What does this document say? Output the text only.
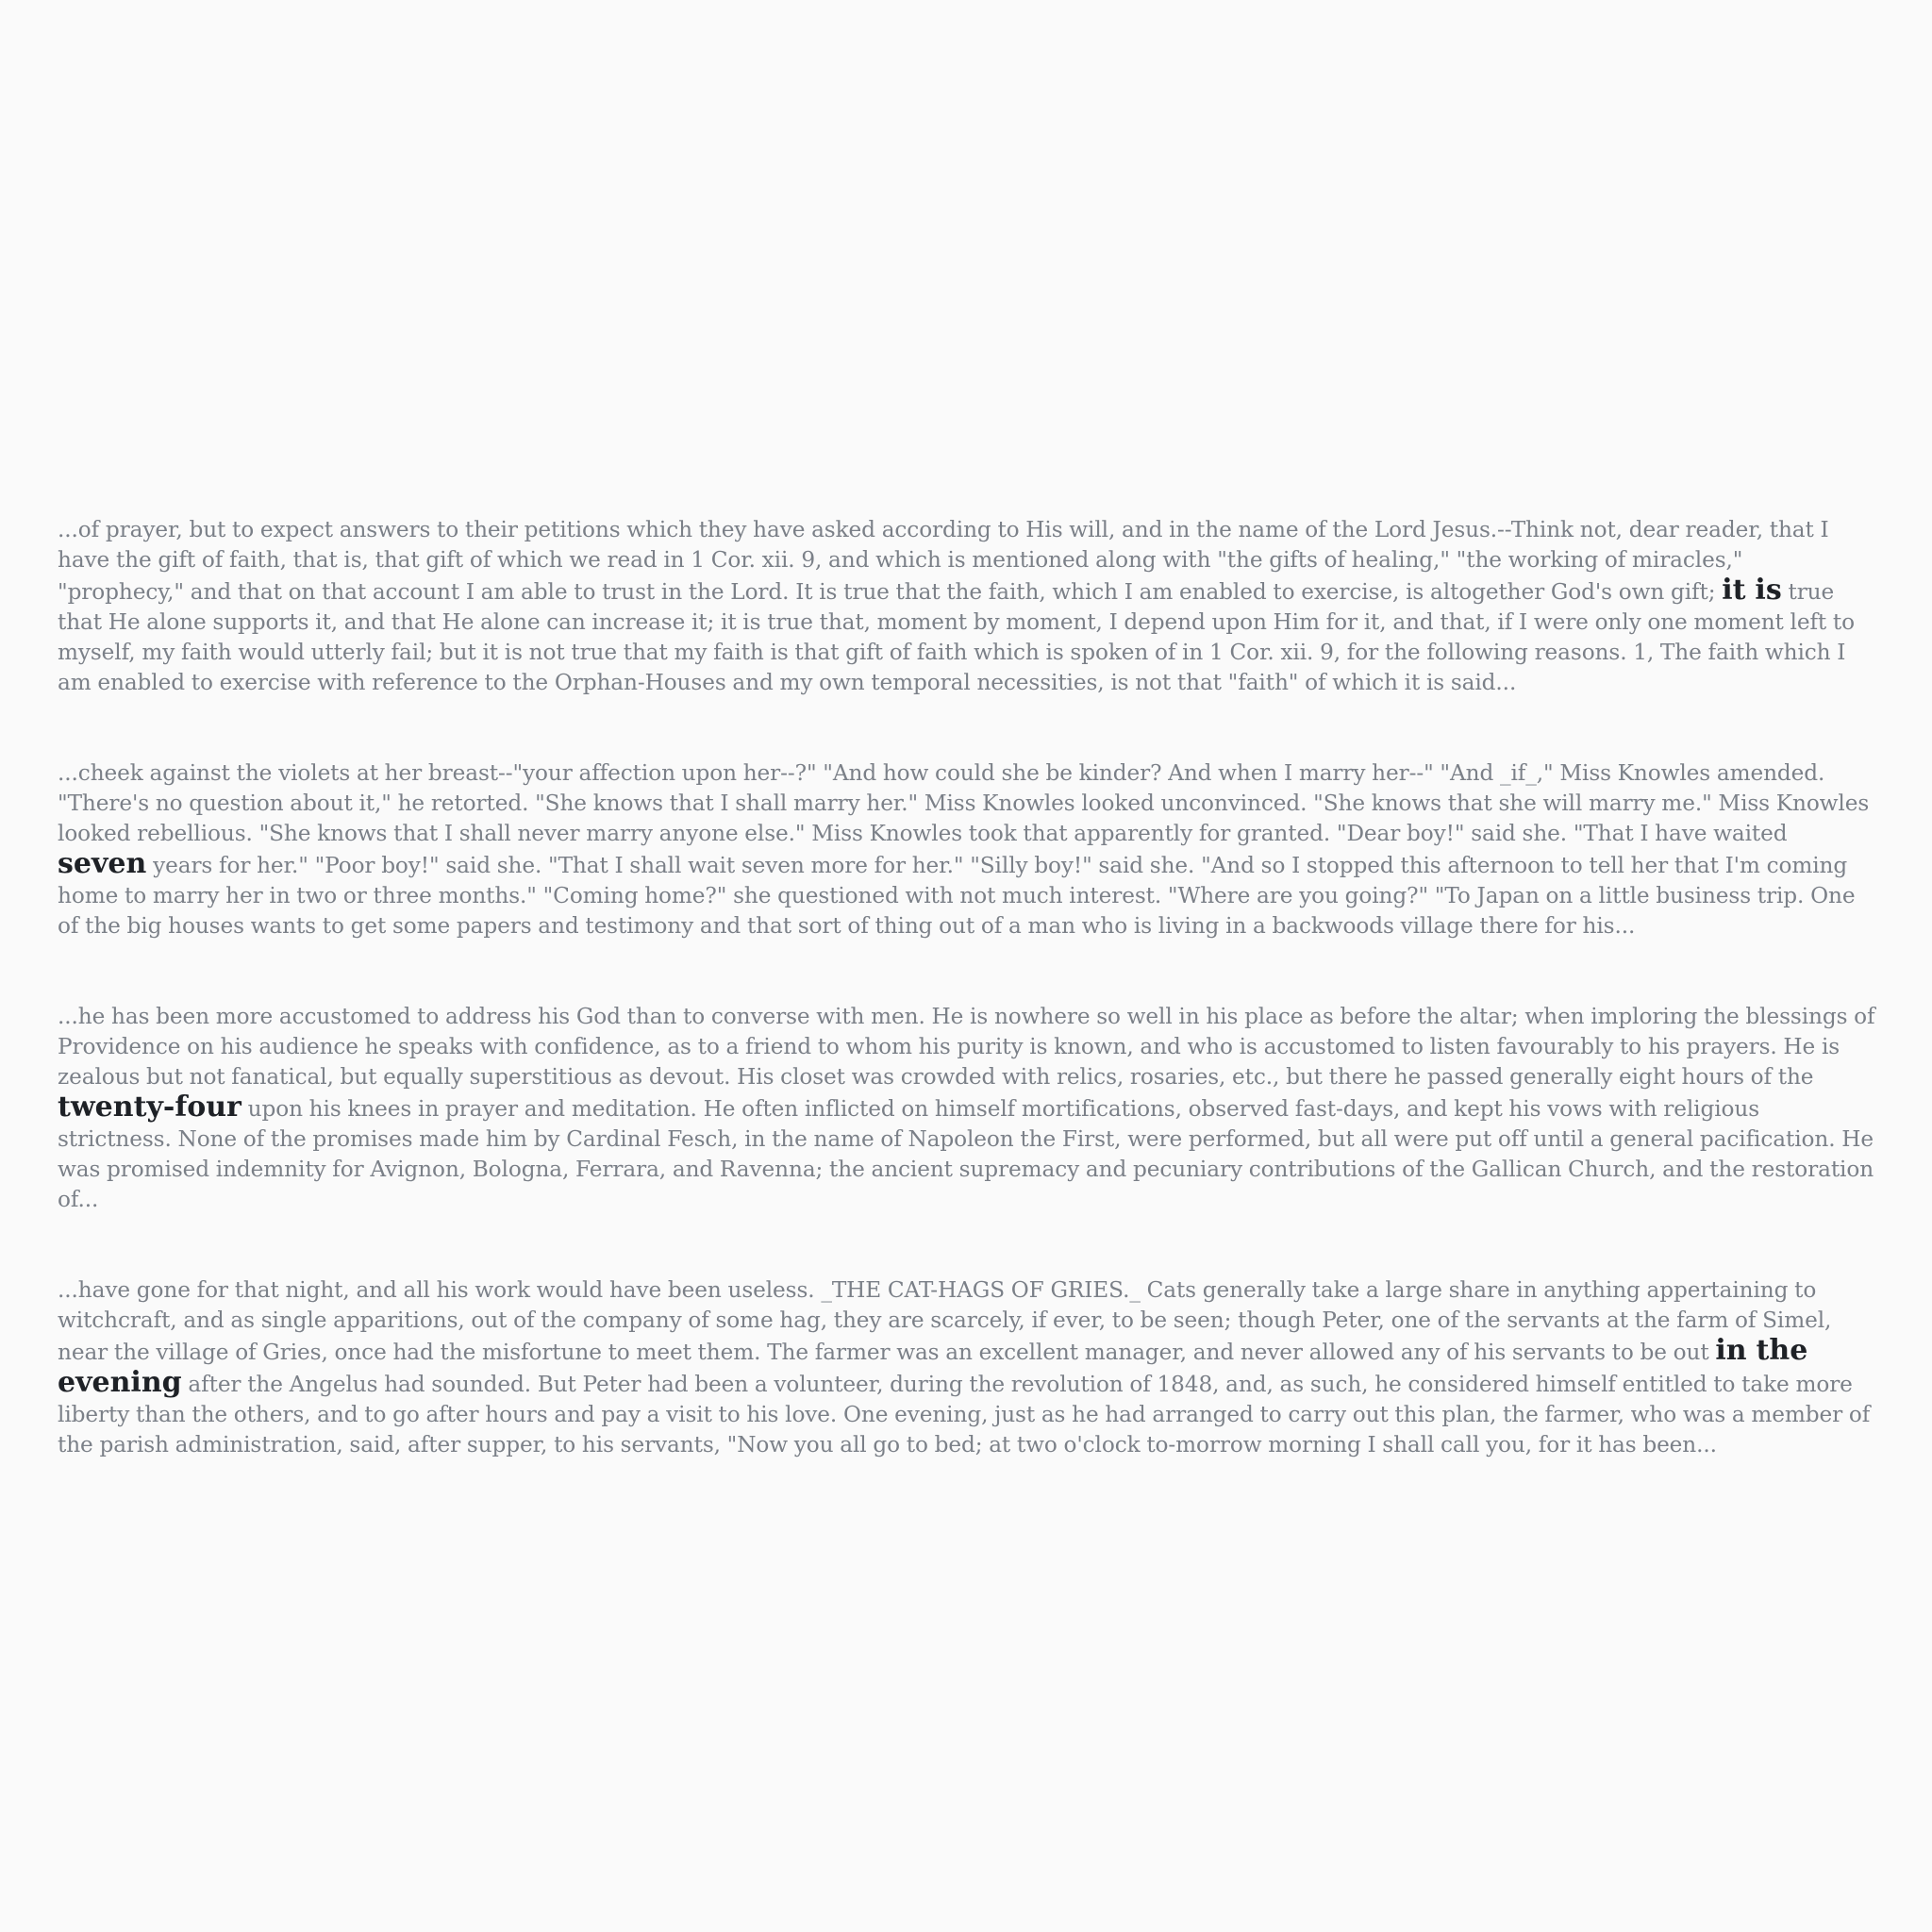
...of prayer, but to expect answers to their petitions which they have asked according to His will, and in the name of the Lord Jesus.--Think not, dear reader, that I have the gift of faith, that is, that gift of which we read in 1 Cor. xii. 9, and which is mentioned along with "the gifts of healing," "the working of miracles," "prophecy," and that on that account I am able to trust in the Lord. It is true that the faith, which I am enabled to exercise, is altogether God's own gift; it is true that He alone supports it, and that He alone can increase it; it is true that, moment by moment, I depend upon Him for it, and that, if I were only one moment left to myself, my faith would utterly fail; but it is not true that my faith is that gift of faith which is spoken of in 1 Cor. xii. 9, for the following reasons. 1, The faith which I am enabled to exercise with reference to the Orphan-Houses and my own temporal necessities, is not that "faith" of which it is said...

...cheek against the violets at her breast--"your affection upon her--?" "And how could she be kinder? And when I marry her--" "And _if_," Miss Knowles amended. "There's no question about it," he retorted. "She knows that I shall marry her." Miss Knowles looked unconvinced. "She knows that she will marry me." Miss Knowles looked rebellious. "She knows that I shall never marry anyone else." Miss Knowles took that apparently for granted. "Dear boy!" said she. "That I have waited seven years for her." "Poor boy!" said she. "That I shall wait seven more for her." "Silly boy!" said she. "And so I stopped this afternoon to tell her that I'm coming home to marry her in two or three months." "Coming home?" she questioned with not much interest. "Where are you going?" "To Japan on a little business trip. One of the big houses wants to get some papers and testimony and that sort of thing out of a man who is living in a backwoods village there for his...

...he has been more accustomed to address his God than to converse with men. He is nowhere so well in his place as before the altar; when imploring the blessings of Providence on his audience he speaks with confidence, as to a friend to whom his purity is known, and who is accustomed to listen favourably to his prayers. He is zealous but not fanatical, but equally superstitious as devout. His closet was crowded with relics, rosaries, etc., but there he passed generally eight hours of the twenty-four upon his knees in prayer and meditation. He often inflicted on himself mortifications, observed fast-days, and kept his vows with religious strictness. None of the promises made him by Cardinal Fesch, in the name of Napoleon the First, were performed, but all were put off until a general pacification. He was promised indemnity for Avignon, Bologna, Ferrara, and Ravenna; the ancient supremacy and pecuniary contributions of the Gallican Church, and the restoration of...

...have gone for that night, and all his work would have been useless. _THE CAT-HAGS OF GRIES._ Cats generally take a large share in anything appertaining to witchcraft, and as single apparitions, out of the company of some hag, they are scarcely, if ever, to be seen; though Peter, one of the servants at the farm of Simel, near the village of Gries, once had the misfortune to meet them. The farmer was an excellent manager, and never allowed any of his servants to be out in the evening after the Angelus had sounded. But Peter had been a volunteer, during the revolution of 1848, and, as such, he considered himself entitled to take more liberty than the others, and to go after hours and pay a visit to his love. One evening, just as he had arranged to carry out this plan, the farmer, who was a member of the parish administration, said, after supper, to his servants, "Now you all go to bed; at two o'clock to-morrow morning I shall call you, for it has been...
